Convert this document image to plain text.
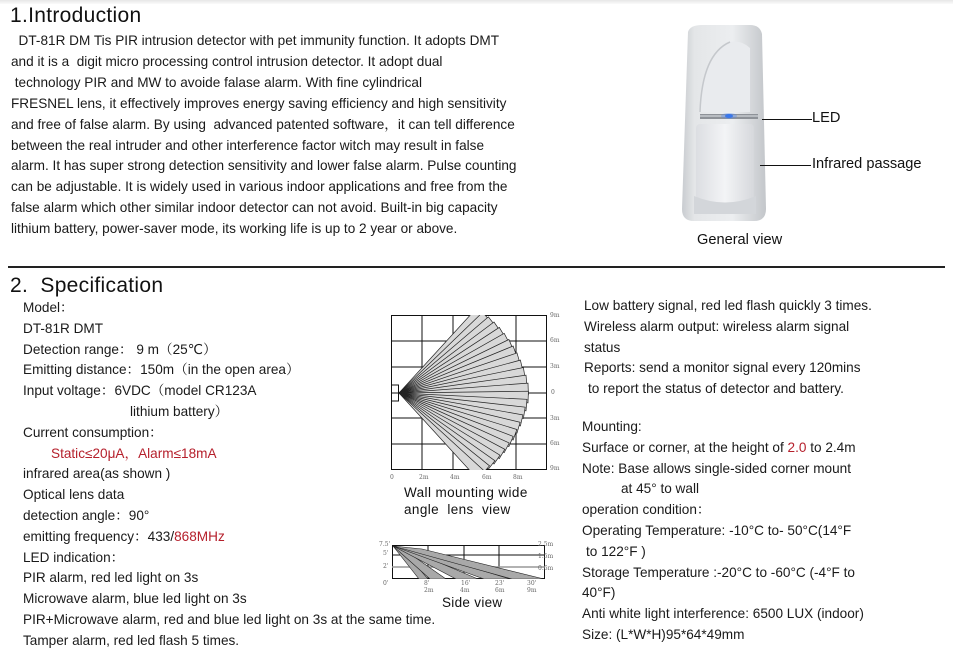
1.Introduction
DT-81R DM Tis PIR intrusion detector with pet immunity function. It adopts DMT
and it is a  digit micro processing control intrusion detector. It adopt dual
technology PIR and MW to avoide falase alarm. With fine cylindrical
FRESNEL lens, it effectively improves energy saving efficiency and high sensitivity
and free of false alarm. By using  advanced patented software，it can tell difference
between the real intruder and other interference factor witch may result in false
alarm. It has super strong detection sensitivity and lower false alarm. Pulse counting
can be adjustable. It is widely used in various indoor applications and free from the
false alarm which other similar indoor detector can not avoid. Built-in big capacity
lithium battery, power-saver mode, its working life is up to 2 year or above.
LED
Infrared passage
General view
2.  Specification
Model：
DT-81R DMT
Detection range： 9 m（25℃）
Emitting distance：150m（in the open area）
Input voltage：6VDC（model CR123A
lithium battery）
Current consumption：
Static≤20μA，Alarm≤18mA
infrared area(as shown )
Optical lens data
detection angle：90°
emitting frequency：433/868MHz
LED indication：
PIR alarm, red led light on 3s
Microwave alarm, blue led light on 3s
PIR+Microwave alarm, red and blue led light on 3s at the same time.
Tamper alarm, red led flash 5 times.
Low battery signal, red led flash quickly 3 times.
Wireless alarm output: wireless alarm signal
status
Reports: send a monitor signal every 120mins
to report the status of detector and battery.
Mounting:
Surface or corner, at the height of 2.0 to 2.4m
Note: Base allows single-sided corner mount
at 45° to wall
operation condition：
Operating Temperature: -10°C to- 50°C(14°F
to 122°F )
Storage Temperature :-20°C to -60°C (-4°F to
40°F)
Anti white light interference: 6500 LUX (indoor)
Size: (L*W*H)95*64*49mm
0	2m	4m	6m	8m
9m
6m
3m
0
3m
6m
9m
Wall mounting wide
angle  lens  view
7.5'
5'
2'
0'
2.5m
1.5m
0.6m
8'	16'	23'	30'
2m	4m	6m	9m
Side view
